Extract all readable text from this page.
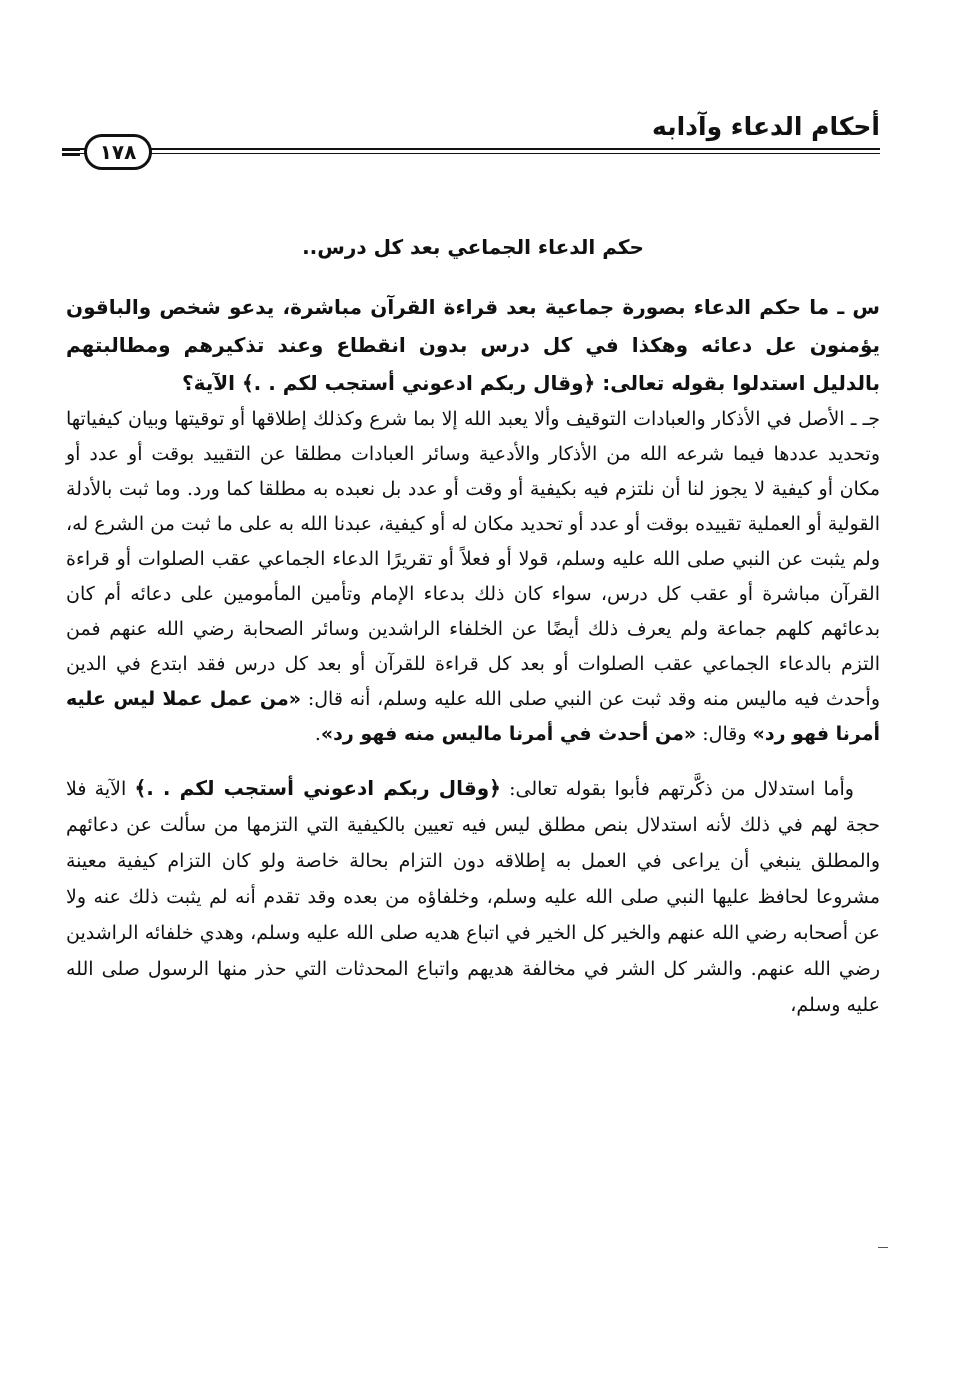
أحكام الدعاء وآدابه
١٧٨
حكم الدعاء الجماعي بعد كل درس..

س ـ ما حكم الدعاء بصورة جماعية بعد قراءة القرآن مباشرة، يدعو شخص والباقون يؤمنون عل دعائه وهكذا في كل درس بدون انقطاع وعند تذكيرهم ومطالبتهم بالدليل استدلوا بقوله تعالى: ﴿وقال ربكم ادعوني أستجب لكم . .﴾ الآية؟

جـ ـ الأصل في الأذكار والعبادات التوقيف وألا يعبد الله إلا بما شرع وكذلك إطلاقها أو توقيتها وبيان كيفياتها وتحديد عددها فيما شرعه الله من الأذكار والأدعية وسائر العبادات مطلقا عن التقييد بوقت أو عدد أو مكان أو كيفية لا يجوز لنا أن نلتزم فيه بكيفية أو وقت أو عدد بل نعبده به مطلقا كما ورد. وما ثبت بالأدلة القولية أو العملية تقييده بوقت أو عدد أو تحديد مكان له أو كيفية، عبدنا الله به على ما ثبت من الشرع له، ولم يثبت عن النبي صلى الله عليه وسلم، قولا أو فعلاً أو تقريرًا الدعاء الجماعي عقب الصلوات أو قراءة القرآن مباشرة أو عقب كل درس، سواء كان ذلك بدعاء الإمام وتأمين المأمومين على دعائه أم كان بدعائهم كلهم جماعة ولم يعرف ذلك أيضًا عن الخلفاء الراشدين وسائر الصحابة رضي الله عنهم فمن التزم بالدعاء الجماعي عقب الصلوات أو بعد كل قراءة للقرآن أو بعد كل درس فقد ابتدع في الدين وأحدث فيه ماليس منه وقد ثبت عن النبي صلى الله عليه وسلم، أنه قال: «من عمل عملا ليس عليه أمرنا فهو رد» وقال: «من أحدث في أمرنا ماليس منه فهو رد».

وأما استدلال من ذكَّرتهم فأبوا بقوله تعالى: ﴿وقال ربكم ادعوني أستجب لكم . .﴾ الآية فلا حجة لهم في ذلك لأنه استدلال بنص مطلق ليس فيه تعيين بالكيفية التي التزمها من سألت عن دعائهم والمطلق ينبغي أن يراعى في العمل به إطلاقه دون التزام بحالة خاصة ولو كان التزام كيفية معينة مشروعا لحافظ عليها النبي صلى الله عليه وسلم، وخلفاؤه من بعده وقد تقدم أنه لم يثبت ذلك عنه ولا عن أصحابه رضي الله عنهم والخير كل الخير في اتباع هديه صلى الله عليه وسلم، وهدي خلفائه الراشدين رضي الله عنهم. والشر كل الشر في مخالفة هديهم واتباع المحدثات التي حذر منها الرسول صلى الله عليه وسلم،
